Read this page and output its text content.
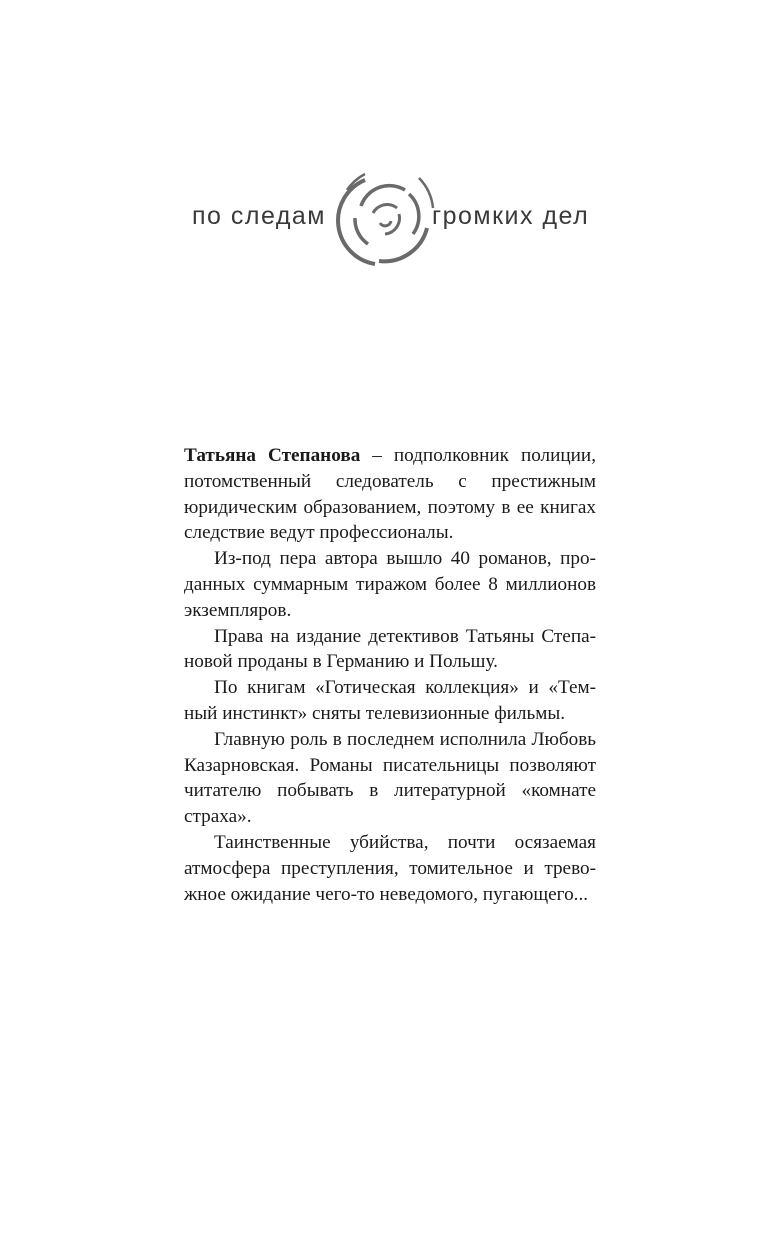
по следам	громких дел

Татьяна Степанова – подполковник полиции, потомственный следователь с престижным юридическим образованием, поэтому в ее книгах следствие ведут профессионалы.

Из-под пера автора вышло 40 романов, проданных суммарным тиражом более 8 миллионов экземпляров.

Права на издание детективов Татьяны Степановой проданы в Германию и Польшу.

По книгам «Готическая коллекция» и «Темный инстинкт» сняты телевизионные фильмы.

Главную роль в последнем исполнила Любовь Казарновская. Романы писательницы позволяют читателю побывать в литературной «комнате страха».

Таинственные убийства, почти осязаемая атмосфера преступления, томительное и тревожное ожидание чего-то неведомого, пугающего...
